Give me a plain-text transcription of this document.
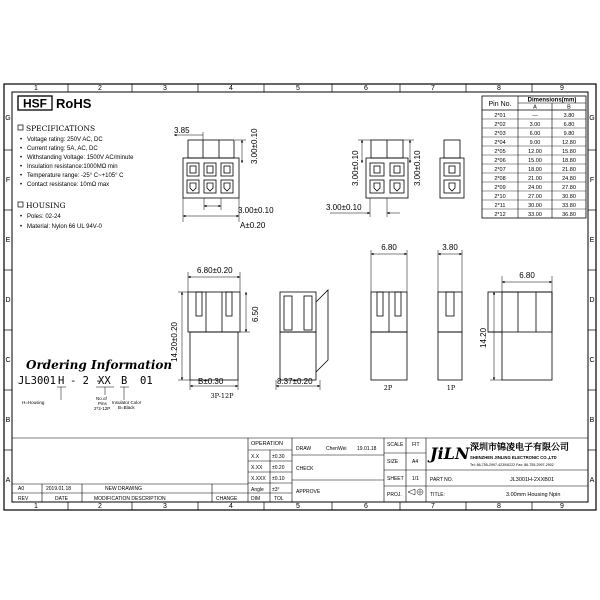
1	2	3	4	5	6	7	8	9
1	2	3	4	5	6	7	8	9
G
F
E
D
C
B
A
G
F
E
D
C
B
A
HSF RoHS
SPECIFICATIONS
• Voltage rating: 250V AC, DC
• Current rating: 5A, AC, DC
• Withstanding Voltage: 1500V AC/minute
• Insulation resistance:1000MΩ min
• Temperature range: -25° C~+105° C
• Contact resistance: 10mΩ max
HOUSING
• Poles: 02-24
• Material: Nylon 66 UL 94V-0
3.85	3.00±0.10
3.00±0.10
A±0.20
3.00±0.10	3.00±0.10
3.00±0.10
Pin No.
Dimensions(mm)
A	B
2*01	—	3.80
2*02	3.00	6.80
2*03	6.00	9.80
2*04	9.00	12.80
2*05	12.00	15.80
2*06	15.00	18.80
2*07	18.00	21.80
2*08	21.00	24.80
2*09	24.00	27.80
2*10	27.00	30.80
2*11	30.00	33.80
2*12	33.00	36.80
6.80±0.20
6.50
14.20±0.20
B±0.30
3P-12P
8.37±0.20
6.80
2P
3.80
1P
6.80
14.20
Ordering Information
JL3001 H - 2 -
XX B 01
H=Housing
No.of
Pins
2*2-12P
Insulator Color
B=Black
OPERATION
X.X	±0.30
X.XX ±0.20
X.XXX ±0.10
Angle ±3°
DIM	TOL
DRAW	ChenWei 19.01.18
CHECK
APPROVE
SCALE FIT
SIZE	A4
SHEET 1/1
PROJ.
JiLN 深圳市锦凌电子有限公司
SHENZHEN JINLING ELECTRONIC CO.,LTD
Tel: 86-755-2997-4230/6222 Fax: 86-755-2997-2902
PART NO.	JL3001H-2XXB01
TITLE:	3.00mm Housing Npin
A0	2019.01.18	NEW DRAWING
REV	DATE	MODIFICATION DESCRIPTION	CHANGE
